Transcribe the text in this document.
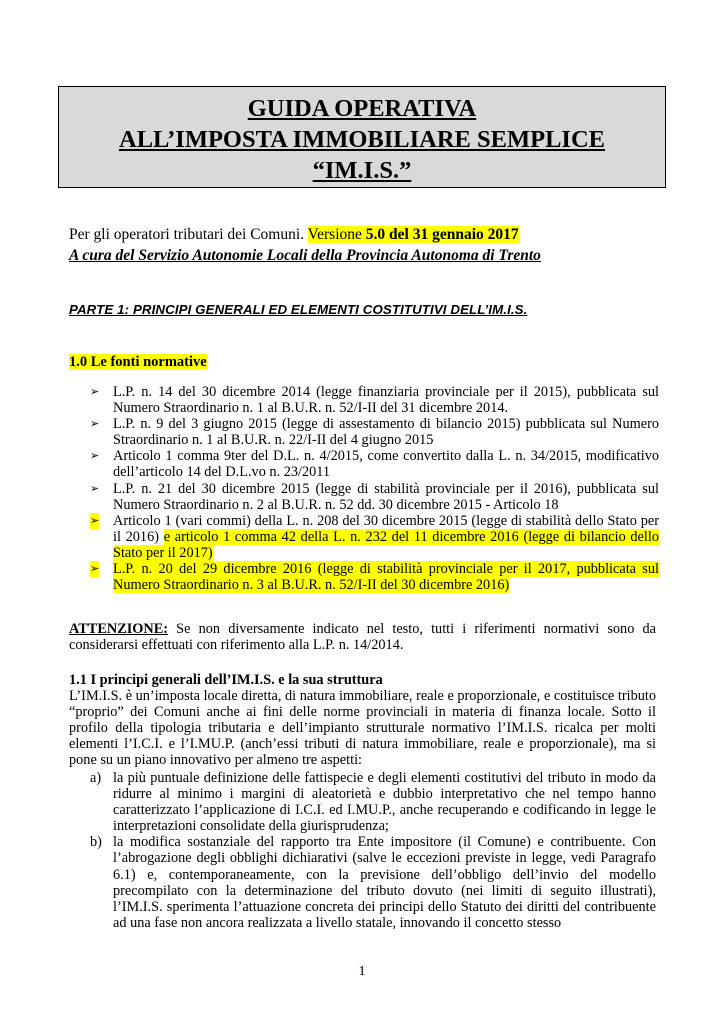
GUIDA OPERATIVA
ALL’IMPOSTA IMMOBILIARE SEMPLICE
“IM.I.S.”
Per gli operatori tributari dei Comuni. Versione 5.0 del 31 gennaio 2017
A cura del Servizio Autonomie Locali della Provincia Autonoma di Trento
PARTE 1: PRINCIPI GENERALI ED ELEMENTI COSTITUTIVI DELL’IM.I.S.
1.0 Le fonti normative
➢ L.P. n. 14 del 30 dicembre 2014 (legge finanziaria provinciale per il 2015), pubblicata sul Numero Straordinario n. 1 al B.U.R. n. 52/I-II del 31 dicembre 2014.
➢ L.P. n. 9 del 3 giugno 2015 (legge di assestamento di bilancio 2015) pubblicata sul Numero Straordinario n. 1 al B.U.R. n. 22/I-II del 4 giugno 2015
➢ Articolo 1 comma 9ter del D.L. n. 4/2015, come convertito dalla L. n. 34/2015, modificativo dell’articolo 14 del D.L.vo n. 23/2011
➢ L.P. n. 21 del 30 dicembre 2015 (legge di stabilità provinciale per il 2016), pubblicata sul Numero Straordinario n. 2 al B.U.R. n. 52 dd. 30 dicembre 2015 - Articolo 18
➢ Articolo 1 (vari commi) della L. n. 208 del 30 dicembre 2015 (legge di stabilità dello Stato per il 2016) e articolo 1 comma 42 della L. n. 232 del 11 dicembre 2016 (legge di bilancio dello Stato per il 2017)
➢ L.P. n. 20 del 29 dicembre 2016 (legge di stabilità provinciale per il 2017, pubblicata sul Numero Straordinario n. 3 al B.U.R. n. 52/I-II del 30 dicembre 2016)
ATTENZIONE: Se non diversamente indicato nel testo, tutti i riferimenti normativi sono da considerarsi effettuati con riferimento alla L.P. n. 14/2014.
1.1 I principi generali dell’IM.I.S. e la sua struttura
L’IM.I.S. è un’imposta locale diretta, di natura immobiliare, reale e proporzionale, e costituisce tributo “proprio” dei Comuni anche ai fini delle norme provinciali in materia di finanza locale. Sotto il profilo della tipologia tributaria e dell’impianto strutturale normativo l’IM.I.S. ricalca per molti elementi l’I.C.I. e l’I.MU.P. (anch’essi tributi di natura immobiliare, reale e proporzionale), ma si pone su un piano innovativo per almeno tre aspetti:
a) la più puntuale definizione delle fattispecie e degli elementi costitutivi del tributo in modo da ridurre al minimo i margini di aleatorietà e dubbio interpretativo che nel tempo hanno caratterizzato l’applicazione di I.C.I. ed I.MU.P., anche recuperando e codificando in legge le interpretazioni consolidate della giurisprudenza;
b) la modifica sostanziale del rapporto tra Ente impositore (il Comune) e contribuente. Con l’abrogazione degli obblighi dichiarativi (salve le eccezioni previste in legge, vedi Paragrafo 6.1) e, contemporaneamente, con la previsione dell’obbligo dell’invio del modello precompilato con la determinazione del tributo dovuto (nei limiti di seguito illustrati), l’IM.I.S. sperimenta l’attuazione concreta dei principi dello Statuto dei diritti del contribuente ad una fase non ancora realizzata a livello statale, innovando il concetto stesso
1
